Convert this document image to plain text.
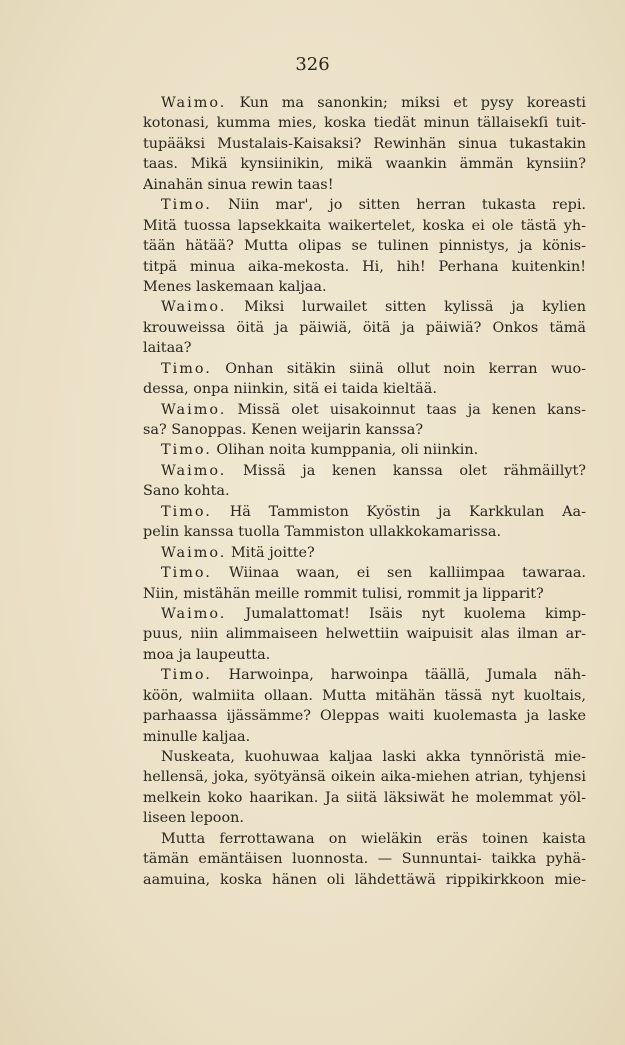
326
Waimo. Kun ma sanonkin; miksi et pysy koreasti
kotonasi, kumma mies, koska tiedät minun tällaisekſi tuit-
tupääksi Mustalais-Kaisaksi? Rewinhän sinua tukastakin
taas. Mikä kynsiinikin, mikä waankin ämmän kynsiin?
Ainahän sinua rewin taas!
Timo. Niin mar', jo sitten herran tukasta repi.
Mitä tuossa lapsekkaita waikertelet, koska ei ole tästä yh-
tään hätää? Mutta olipas se tulinen pinnistys, ja könis-
titpä minua aika-mekosta. Hi, hih! Perhana kuitenkin!
Menes laskemaan kaljaa.
Waimo. Miksi lurwailet sitten kylissä ja kylien
krouweissa öitä ja päiwiä, öitä ja päiwiä? Onkos tämä
laitaa?
Timo. Onhan sitäkin siinä ollut noin kerran wuo-
dessa, onpa niinkin, sitä ei taida kieltää.
Waimo. Missä olet uisakoinnut taas ja kenen kans-
sa? Sanoppas. Kenen weijarin kanssa?
Timo. Olihan noita kumppania, oli niinkin.
Waimo. Missä ja kenen kanssa olet rähmäillyt?
Sano kohta.
Timo. Hä Tammiston Kyöstin ja Karkkulan Aa-
pelin kanssa tuolla Tammiston ullakkokamarissa.
Waimo. Mitä joitte?
Timo. Wiinaa waan, ei sen kalliimpaa tawaraa.
Niin, mistähän meille rommit tulisi, rommit ja lipparit?
Waimo. Jumalattomat! Isäis nyt kuolema kimp-
puus, niin alimmaiseen helwettiin waipuisit alas ilman ar-
moa ja laupeutta.
Timo. Harwoinpa, harwoinpa täällä, Jumala näh-
köön, walmiita ollaan. Mutta mitähän tässä nyt kuoltais,
parhaassa ijässämme? Oleppas waiti kuolemasta ja laske
minulle kaljaa.
Nuskeata, kuohuwaa kaljaa laski akka tynnöristä mie-
hellensä, joka, syötyänsä oikein aika-miehen atrian, tyhjensi
melkein koko haarikan. Ja siitä läksiwät he molemmat yöl-
liseen lepoon.
Mutta ferrottawana on wieläkin eräs toinen kaista
tämän emäntäisen luonnosta. — Sunnuntai- taikka pyhä-
aamuina, koska hänen oli lähdettäwä rippikirkkoon mie-
